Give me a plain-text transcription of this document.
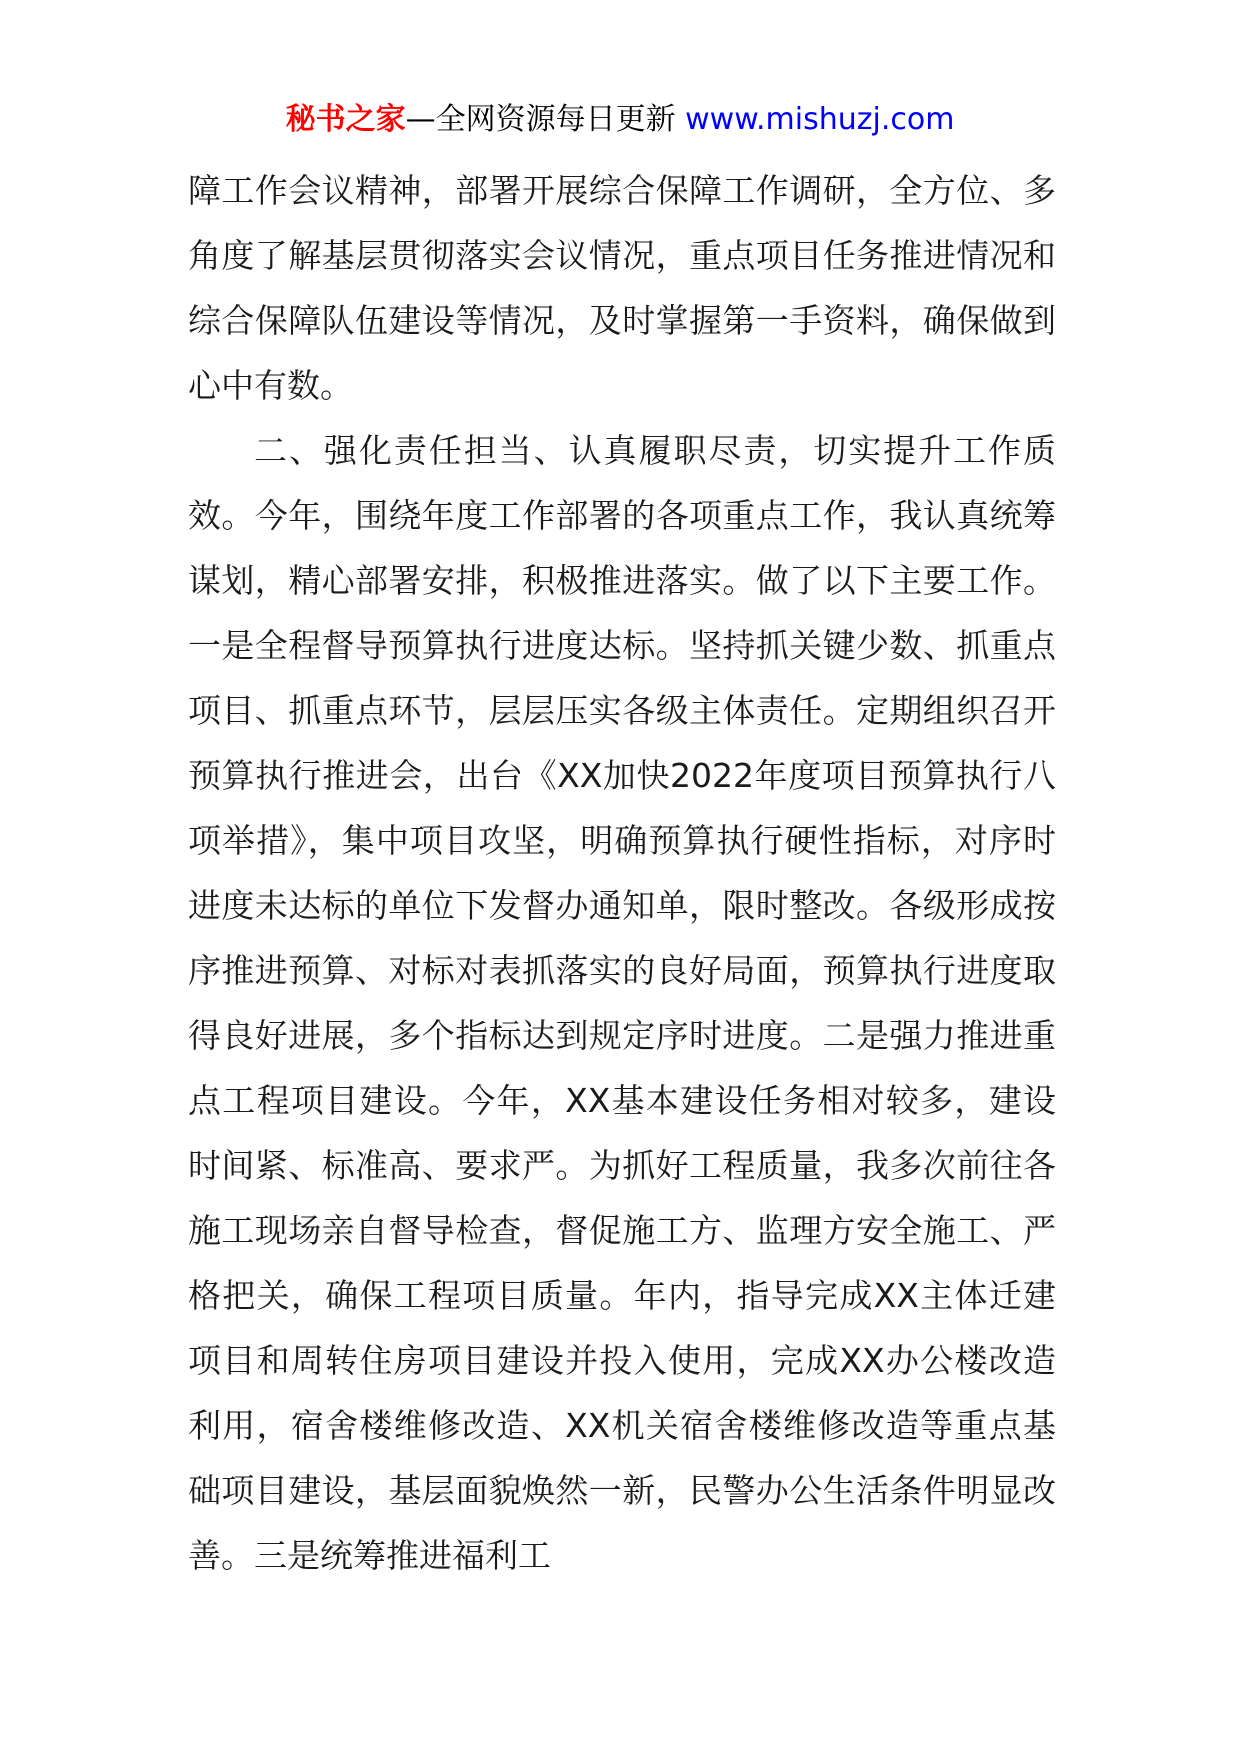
秘书之家—全网资源每日更新 www.mishuzj.com

障工作会议精神，部署开展综合保障工作调研，全方位、多角度了解基层贯彻落实会议情况，重点项目任务推进情况和综合保障队伍建设等情况，及时掌握第一手资料，确保做到心中有数。

二、强化责任担当、认真履职尽责，切实提升工作质效。今年，围绕年度工作部署的各项重点工作，我认真统筹谋划，精心部署安排，积极推进落实。做了以下主要工作。一是全程督导预算执行进度达标。坚持抓关键少数、抓重点项目、抓重点环节，层层压实各级主体责任。定期组织召开预算执行推进会，出台《XX加快2022年度项目预算执行八项举措》，集中项目攻坚，明确预算执行硬性指标，对序时进度未达标的单位下发督办通知单，限时整改。各级形成按序推进预算、对标对表抓落实的良好局面，预算执行进度取得良好进展，多个指标达到规定序时进度。二是强力推进重点工程项目建设。今年，XX基本建设任务相对较多，建设时间紧、标准高、要求严。为抓好工程质量，我多次前往各施工现场亲自督导检查，督促施工方、监理方安全施工、严格把关，确保工程项目质量。年内，指导完成XX主体迁建项目和周转住房项目建设并投入使用，完成XX办公楼改造利用，宿舍楼维修改造、XX机关宿舍楼维修改造等重点基础项目建设，基层面貌焕然一新，民警办公生活条件明显改善。三是统筹推进福利工
